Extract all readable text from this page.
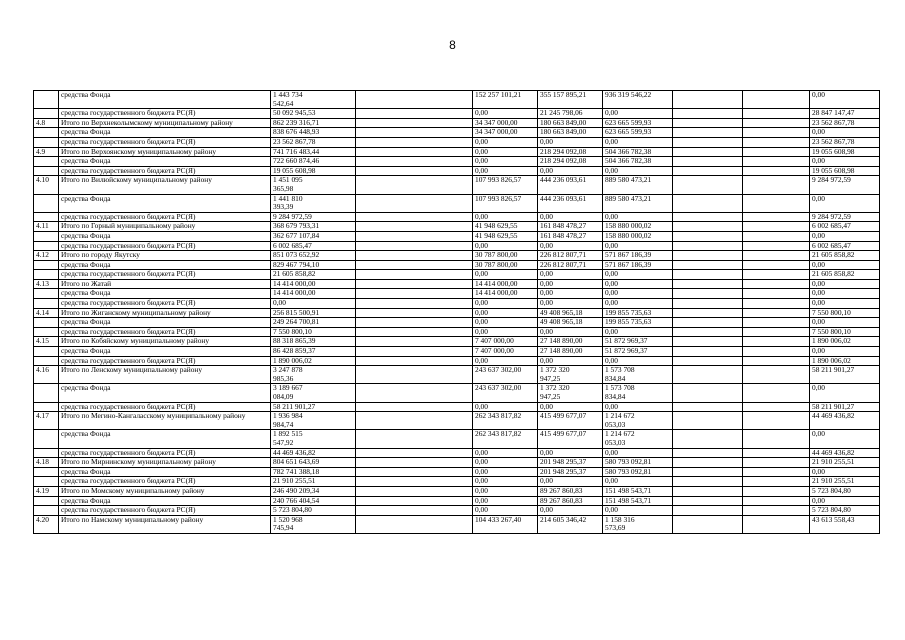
8
	средства Фонда	1 443 734
542,64		152 257 101,21	355 157 895,21	936 319 546,22			0,00
	средства государственного бюджета РС(Я)	50 092 945,53		0,00	21 245 798,06	0,00			28 847 147,47
4.8	Итого по Верхнеколымскому муниципальному району	862 239 316,71		34 347 000,00	180 663 849,00	623 665 599,93			23 562 867,78
	средства Фонда	838 676 448,93		34 347 000,00	180 663 849,00	623 665 599,93			0,00
	средства государственного бюджета РС(Я)	23 562 867,78		0,00	0,00	0,00			23 562 867,78
4.9	Итого по Верхоянскому муниципальному району	741 716 483,44		0,00	218 294 092,08	504 366 782,38			19 055 608,98
	средства Фонда	722 660 874,46		0,00	218 294 092,08	504 366 782,38			0,00
	средства государственного бюджета РС(Я)	19 055 608,98		0,00	0,00	0,00			19 055 608,98
4.10	Итого по Вилюйскому муниципальному району	1 451 095
365,98		107 993 826,57	444 236 093,61	889 580 473,21			9 284 972,59
	средства Фонда	1 441 810
393,39		107 993 826,57	444 236 093,61	889 580 473,21			0,00
	средства государственного бюджета РС(Я)	9 284 972,59		0,00	0,00	0,00			9 284 972,59
4.11	Итого по Горный муниципальному району	368 679 793,31		41 948 629,55	161 848 478,27	158 880 000,02			6 002 685,47
	средства Фонда	362 677 107,84		41 948 629,55	161 848 478,27	158 880 000,02			0,00
	средства государственного бюджета РС(Я)	6 002 685,47		0,00	0,00	0,00			6 002 685,47
4.12	Итого по городу Якутску	851 073 652,92		30 787 800,00	226 812 807,71	571 867 186,39			21 605 858,82
	средства Фонда	829 467 794,10		30 787 800,00	226 812 807,71	571 867 186,39			0,00
	средства государственного бюджета РС(Я)	21 605 858,82		0,00	0,00	0,00			21 605 858,82
4.13	Итого по Жатай	14 414 000,00		14 414 000,00	0,00	0,00			0,00
	средства Фонда	14 414 000,00		14 414 000,00	0,00	0,00			0,00
	средства государственного бюджета РС(Я)	0,00		0,00	0,00	0,00			0,00
4.14	Итого по Жиганскому муниципальному району	256 815 500,91		0,00	49 408 965,18	199 855 735,63			7 550 800,10
	средства Фонда	249 264 700,81		0,00	49 408 965,18	199 855 735,63			0,00
	средства государственного бюджета РС(Я)	7 550 800,10		0,00	0,00	0,00			7 550 800,10
4.15	Итого по Кобяйскому муниципальному району	88 318 865,39		7 407 000,00	27 148 890,00	51 872 969,37			1 890 006,02
	средства Фонда	86 428 859,37		7 407 000,00	27 148 890,00	51 872 969,37			0,00
	средства государственного бюджета РС(Я)	1 890 006,02		0,00	0,00	0,00			1 890 006,02
4.16	Итого по Ленскому муниципальному району	3 247 878
985,36		243 637 302,00	1 372 320
947,25	1 573 708
834,84			58 211 901,27
	средства Фонда	3 189 667
084,09		243 637 302,00	1 372 320
947,25	1 573 708
834,84			0,00
	средства государственного бюджета РС(Я)	58 211 901,27		0,00	0,00	0,00			58 211 901,27
4.17	Итого по Мегино-Кангаласскому муниципальному району	1 936 984
984,74		262 343 817,82	415 499 677,07	1 214 672
053,03			44 469 436,82
	средства Фонда	1 892 515
547,92		262 343 817,82	415 499 677,07	1 214 672
053,03			0,00
	средства государственного бюджета РС(Я)	44 469 436,82		0,00	0,00	0,00			44 469 436,82
4.18	Итого по Мирнинскому муниципальному району	804 651 643,69		0,00	201 948 295,37	580 793 092,81			21 910 255,51
	средства Фонда	782 741 388,18		0,00	201 948 295,37	580 793 092,81			0,00
	средства государственного бюджета РС(Я)	21 910 255,51		0,00	0,00	0,00			21 910 255,51
4.19	Итого по Момскому муниципальному району	246 490 209,34		0,00	89 267 860,83	151 498 543,71			5 723 804,80
	средства Фонда	240 766 404,54		0,00	89 267 860,83	151 498 543,71			0,00
	средства государственного бюджета РС(Я)	5 723 804,80		0,00	0,00	0,00			5 723 804,80
4.20	Итого по Намскому муниципальному району	1 520 968
745,94		104 433 267,40	214 605 346,42	1 158 316
573,69			43 613 558,43
